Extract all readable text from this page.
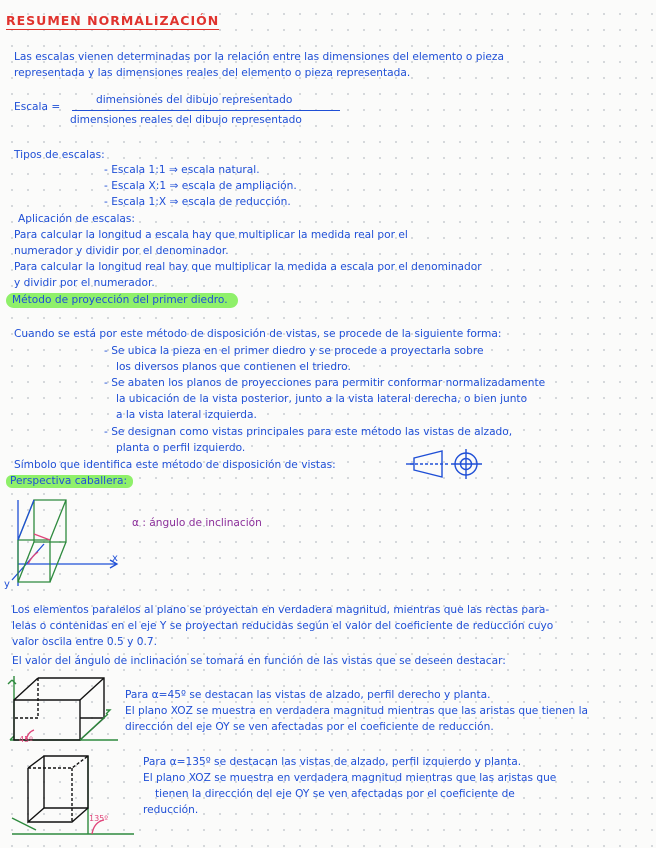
RESUMEN NORMALIZACIÓN
Las escalas vienen determinadas por la relación entre las dimensiones del elemento o pieza
representada y las dimensiones reales del elemento o pieza representada.
Escala =
dimensiones del dibujo representado
dimensiones reales del dibujo representado
Tipos de escalas:
- Escala 1:1 ⇒ escala natural.
- Escala X:1 ⇒ escala de ampliación.
- Escala 1:X ⇒ escala de reducción.
Aplicación de escalas:
Para calcular la longitud a escala hay que multiplicar la medida real por el
numerador y dividir por el denominador.
Para calcular la longitud real hay que multiplicar la medida a escala por el denominador
y dividir por el numerador.
Método de proyección del primer diedro.
Cuando se está por este método de disposición de vistas, se procede de la siguiente forma:
- Se ubica la pieza en el primer diedro y se procede a proyectarla sobre
los diversos planos que contienen el triedro.
- Se abaten los planos de proyecciones para permitir conformar normalizadamente
la ubicación de la vista posterior, junto a la vista lateral derecha, o bien junto
a la vista lateral izquierda.
- Se designan como vistas principales para este método las vistas de alzado,
planta o perfil izquierdo.
Símbolo que identifica este método de disposición de vistas:
Perspectiva caballera:
x
y
α : ángulo de inclinación
Los elementos paralelos al plano se proyectan en verdadera magnitud, mientras que las rectas para-
lelas o contenidas en el eje Y se proyectan reducidas según el valor del coeficiente de reducción cuyo
valor oscila entre 0.5 y 0.7.
El valor del ángulo de inclinación se tomará en función de las vistas que se deseen destacar:
45º
Para α=45º se destacan las vistas de alzado, perfil derecho y planta.
El plano XOZ se muestra en verdadera magnitud mientras que las aristas que tienen la
dirección del eje OY se ven afectadas por el coeficiente de reducción.
135º
Para α=135º se destacan las vistas de alzado, perfil izquierdo y planta.
El plano XOZ se muestra en verdadera magnitud mientras que las aristas que
tienen la dirección del eje OY se ven afectadas por el coeficiente de
reducción.
